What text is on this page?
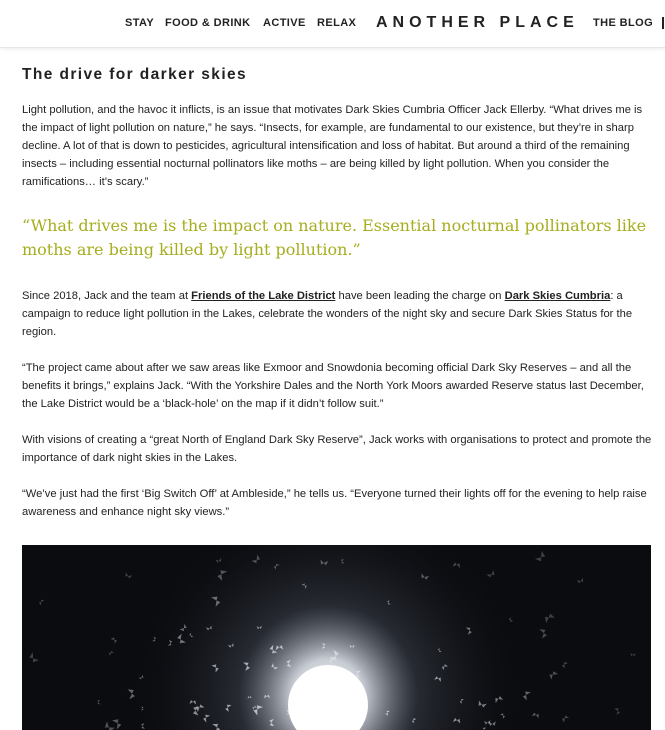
STAY FOOD & DRINK ACTIVE RELAX ANOTHER PLACE THE BLOG
The drive for darker skies

Light pollution, and the havoc it inflicts, is an issue that motivates Dark Skies Cumbria Officer Jack Ellerby. “What drives me is the impact of light pollution on nature,” he says. “Insects, for example, are fundamental to our existence, but they’re in sharp decline. A lot of that is down to pesticides, agricultural intensification and loss of habitat. But around a third of the remaining insects – including essential nocturnal pollinators like moths – are being killed by light pollution. When you consider the ramifications… it’s scary.”

“What drives me is the impact on nature. Essential nocturnal pollinators like moths are being killed by light pollution.”

Since 2018, Jack and the team at Friends of the Lake District have been leading the charge on Dark Skies Cumbria: a campaign to reduce light pollution in the Lakes, celebrate the wonders of the night sky and secure Dark Skies Status for the region.

“The project came about after we saw areas like Exmoor and Snowdonia becoming official Dark Sky Reserves – and all the benefits it brings,” explains Jack. “With the Yorkshire Dales and the North York Moors awarded Reserve status last December, the Lake District would be a ‘black-hole’ on the map if it didn’t follow suit.”

With visions of creating a “great North of England Dark Sky Reserve”, Jack works with organisations to protect and promote the importance of dark night skies in the Lakes.

“We’ve just had the first ‘Big Switch Off’ at Ambleside,” he tells us. “Everyone turned their lights off for the evening to help raise awareness and enhance night sky views.”
